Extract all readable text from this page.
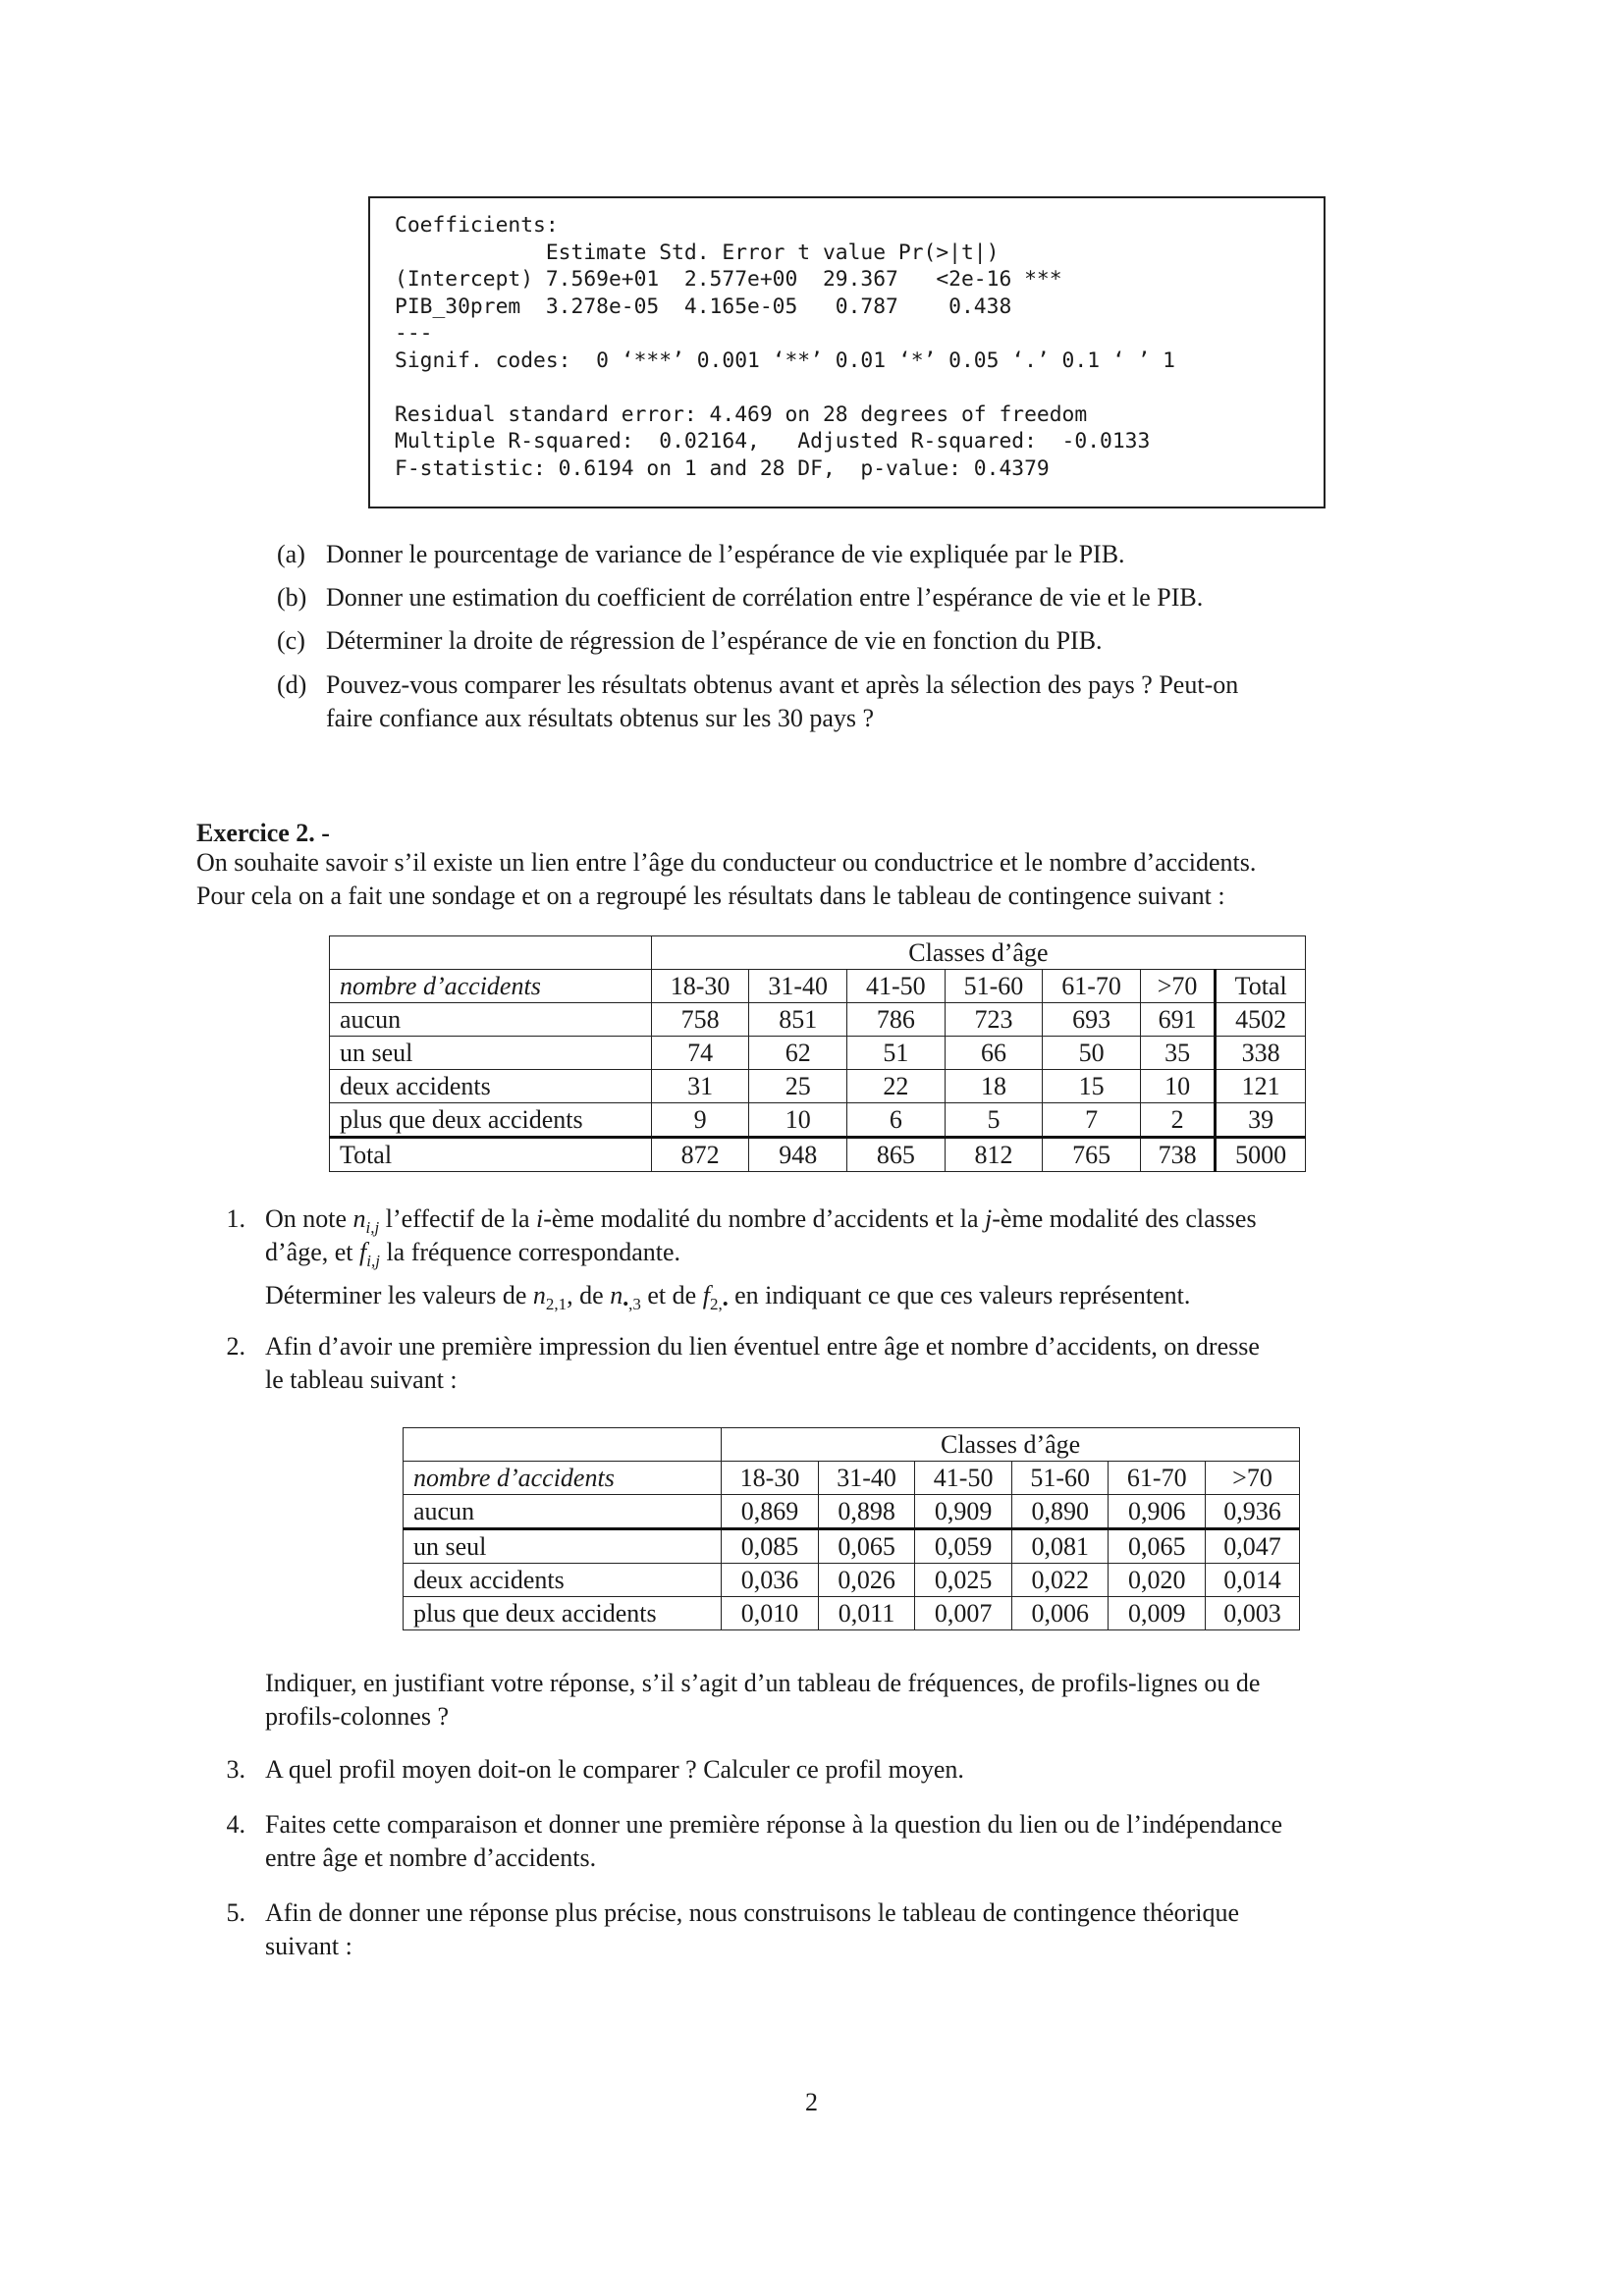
Coefficients:
Estimate Std. Error t value Pr(>|t|)
(Intercept) 7.569e+01  2.577e+00  29.367   <2e-16 ***
PIB_30prem  3.278e-05  4.165e-05   0.787    0.438
---
Signif. codes:  0 ‘***’ 0.001 ‘**’ 0.01 ‘*’ 0.05 ‘.’ 0.1 ‘ ’ 1
Residual standard error: 4.469 on 28 degrees of freedom
Multiple R-squared:  0.02164,   Adjusted R-squared:  -0.0133
F-statistic: 0.6194 on 1 and 28 DF,  p-value: 0.4379
(a) Donner le pourcentage de variance de l’espérance de vie expliquée par le PIB.
(b) Donner une estimation du coefficient de corrélation entre l’espérance de vie et le PIB.
(c) Déterminer la droite de régression de l’espérance de vie en fonction du PIB.
(d) Pouvez-vous comparer les résultats obtenus avant et après la sélection des pays ? Peut-on
faire confiance aux résultats obtenus sur les 30 pays ?
Exercice 2. -
On souhaite savoir s’il existe un lien entre l’âge du conducteur ou conductrice et le nombre d’accidents.
Pour cela on a fait une sondage et on a regroupé les résultats dans le tableau de contingence suivant :
	Classes d’âge						
nombre d’accidents	18-30	31-40	41-50	51-60	61-70	>70	Total
aucun	758	851	786	723	693	691	4502
un seul	74	62	51	66	50	35	338
deux accidents	31	25	22	18	15	10	121
plus que deux accidents	9	10	6	5	7	2	39
Total	872	948	865	812	765	738	5000
1. On note $n_{i,j}$ l’effectif de la i-ème modalité du nombre d’accidents et la j-ème modalité des classes
d’âge, et $f_{i,j}$ la fréquence correspondante.
Déterminer les valeurs de $n_{2,1}$, de $n_{•,3}$ et de $f_{2,•}$ en indiquant ce que ces valeurs représentent.
2. Afin d’avoir une première impression du lien éventuel entre âge et nombre d’accidents, on dresse
le tableau suivant :
	Classes d’âge					
nombre d’accidents	18-30	31-40	41-50	51-60	61-70	>70
aucun	0,869	0,898	0,909	0,890	0,906	0,936
un seul	0,085	0,065	0,059	0,081	0,065	0,047
deux accidents	0,036	0,026	0,025	0,022	0,020	0,014
plus que deux accidents	0,010	0,011	0,007	0,006	0,009	0,003
Indiquer, en justifiant votre réponse, s’il s’agit d’un tableau de fréquences, de profils-lignes ou de
profils-colonnes ?
3. A quel profil moyen doit-on le comparer ? Calculer ce profil moyen.
4. Faites cette comparaison et donner une première réponse à la question du lien ou de l’indépendance
entre âge et nombre d’accidents.
5. Afin de donner une réponse plus précise, nous construisons le tableau de contingence théorique
suivant :
2
